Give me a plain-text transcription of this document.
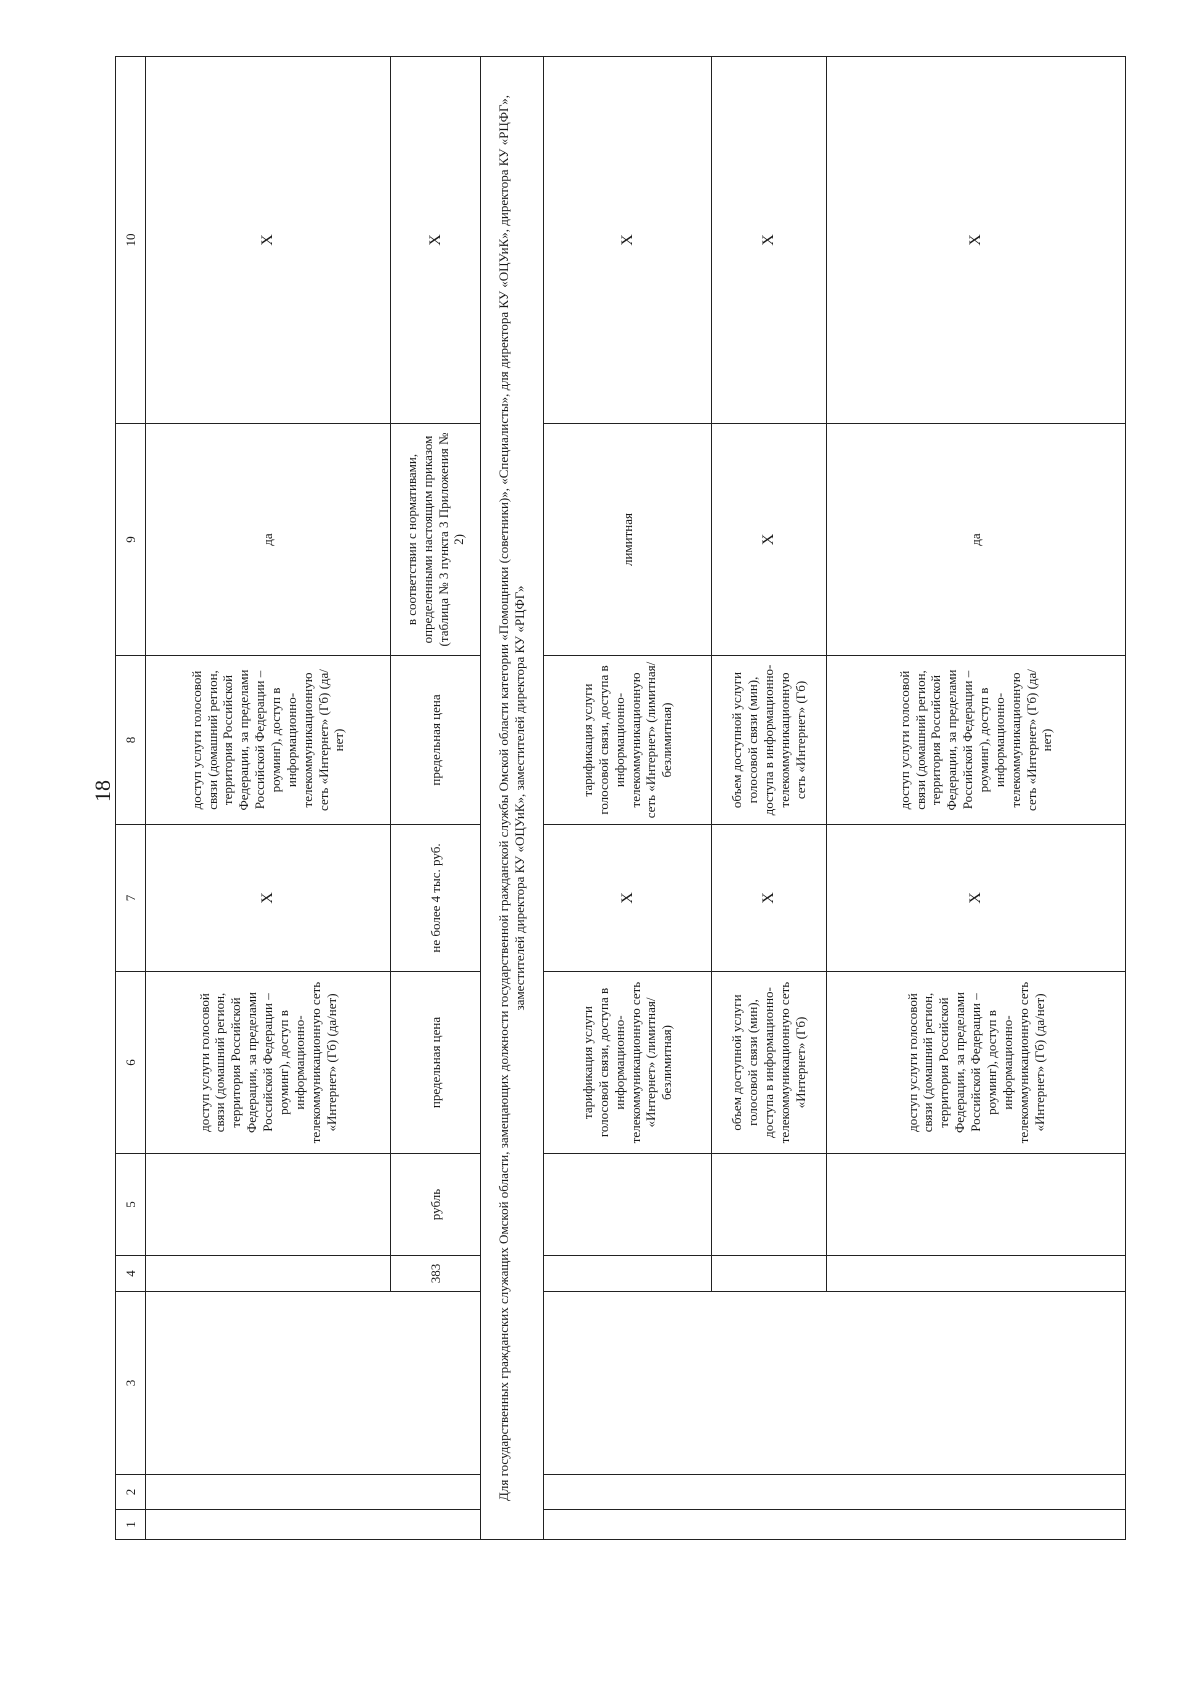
18
1	2	3	4	5	6	7	8	9	10
					доступ услуги голосовой связи (домашний регион, территория Российской Федерации, за пределами Российской Федерации – роуминг), доступ в информационно-телекоммуникационную сеть «Интернет» (Гб) (да/нет)	Х	доступ услуги голосовой связи (домашний регион, территория Российской Федерации, за пределами Российской Федерации – роуминг), доступ в информационно-телекоммуникационную сеть «Интернет» (Гб) (да/нет)	да	Х
			383	рубль	предельная цена	не более 4 тыс. руб.	предельная цена	в соответствии с нормативами, определенными настоящим приказом (таблица № 3 пункта 3 Приложения № 2)	Х
Для государственных гражданских служащих Омской области, замещающих должности государственной гражданской службы Омской области категории «Помощники (советники)», «Специалисты», для директора КУ «ОЦУиК», директора КУ «РЦФГ», заместителей директора КУ «ОЦУиК», заместителей директора КУ «РЦФГ»									
					тарификация услуги голосовой связи, доступа в информационно-телекоммуникационную сеть «Интернет» (лимитная/ безлимитная)	Х	тарификация услуги голосовой связи, доступа в информационно-телекоммуникационную сеть «Интернет» (лимитная/ безлимитная)	лимитная	Х
					объем доступной услуги голосовой связи (мин), доступа в информационно-телекоммуникационную сеть «Интернет» (Гб)	Х	объем доступной услуги голосовой связи (мин), доступа в информационно-телекоммуникационную сеть «Интернет» (Гб)	Х	Х
					доступ услуги голосовой связи (домашний регион, территория Российской Федерации, за пределами Российской Федерации – роуминг), доступ в информационно-телекоммуникационную сеть «Интернет» (Гб) (да/нет)	Х	доступ услуги голосовой связи (домашний регион, территория Российской Федерации, за пределами Российской Федерации – роуминг), доступ в информационно-телекоммуникационную сеть «Интернет» (Гб) (да/нет)	да	Х
